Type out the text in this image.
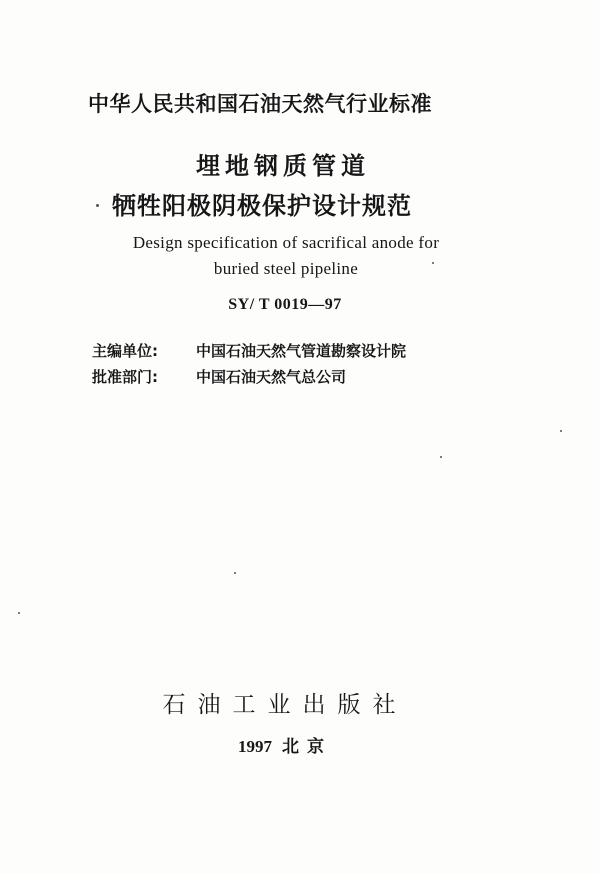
中华人民共和国石油天然气行业标准
埋地钢质管道
牺牲阳极阴极保护设计规范
Design specification of sacrifical anode for
buried steel pipeline
SY/ T 0019—97
主编单位:	中国石油天然气管道勘察设计院
批准部门:	中国石油天然气总公司
石油工业出版社
1997 北京
